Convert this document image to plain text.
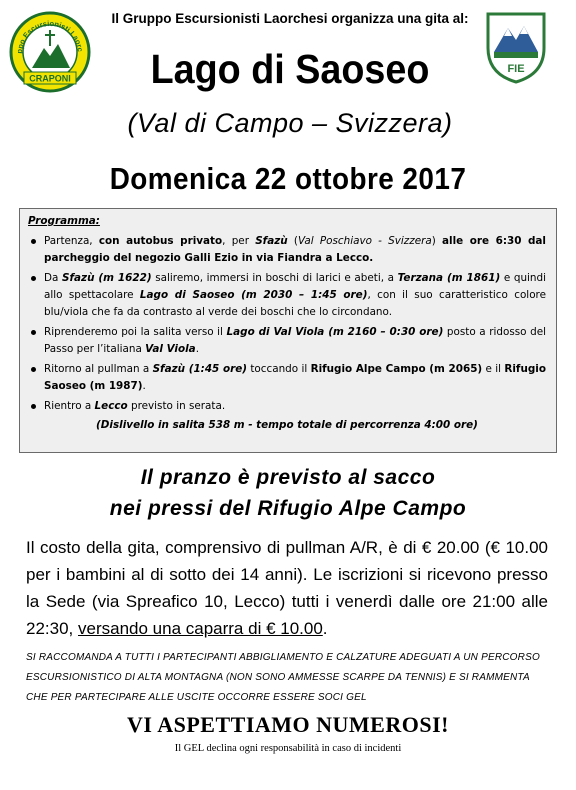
ppo Escursionisti Laorc
CRAPONI
Il Gruppo Escursionisti Laorchesi organizza una gita al:
FIE
Lago di Saoseo
(Val di Campo – Svizzera)
Domenica 22 ottobre 2017
Programma:
Partenza, con autobus privato, per Sfazù (Val Poschiavo - Svizzera) alle ore 6:30 dal parcheggio del negozio Galli Ezio in via Fiandra a Lecco.
Da Sfazù (m 1622) saliremo, immersi in boschi di larici e abeti, a Terzana (m 1861) e quindi allo spettacolare Lago di Saoseo (m 2030 – 1:45 ore), con il suo caratteristico colore blu/viola che fa da contrasto al verde dei boschi che lo circondano.
Riprenderemo poi la salita verso il Lago di Val Viola (m 2160 – 0:30 ore) posto a ridosso del Passo per l’italiana Val Viola.
Ritorno al pullman a Sfazù (1:45 ore) toccando il Rifugio Alpe Campo (m 2065) e il Rifugio Saoseo (m 1987).
Rientro a Lecco previsto in serata.
(Dislivello in salita 538 m - tempo totale di percorrenza 4:00 ore)
Il pranzo è previsto al sacco
nei pressi del Rifugio Alpe Campo
Il costo della gita, comprensivo di pullman A/R, è di € 20.00 (€ 10.00 per i bambini al di sotto dei 14 anni). Le iscrizioni si ricevono presso la Sede (via Spreafico 10, Lecco) tutti i venerdì dalle ore 21:00 alle 22:30, versando una caparra di € 10.00.
SI RACCOMANDA A TUTTI I PARTECIPANTI ABBIGLIAMENTO E CALZATURE ADEGUATI A UN PERCORSO ESCURSIONISTICO DI ALTA MONTAGNA (NON SONO AMMESSE SCARPE DA TENNIS) E SI RAMMENTA CHE PER PARTECIPARE ALLE USCITE OCCORRE ESSERE SOCI GEL
VI ASPETTIAMO NUMEROSI!
Il GEL declina ogni responsabilità in caso di incidenti
